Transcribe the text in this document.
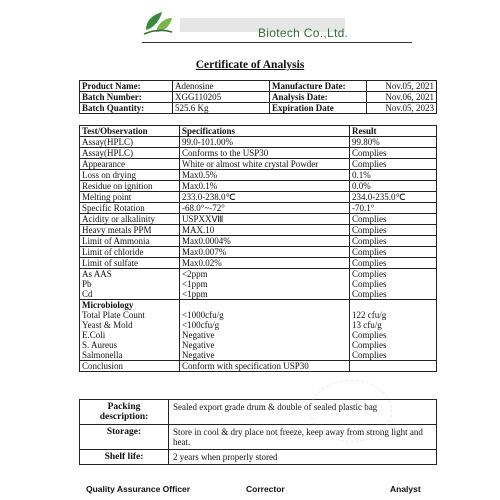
Biotech Co.,Ltd.
Certificate of Analysis
Product Name:	Adenosine	Manufacture Date:	Nov.05, 2021
Batch Number:	XGG110205	Analysis Date:	Nov.06, 2021
Batch Quantity:	525.6 Kg	Expiration Date	Nov.05, 2023
Test/Observation	Specifications	Result
Assay(HPLC)	99.0-101.00%	99.80%
Assay(HPLC)	Conforms to the USP30	Complies
Appearance	White or almost white crystal Powder	Complies
Loss on drying	Max0.5%	0.1%
Residue on ignition	Max0.1%	0.0%
Melting point	233.0-238.0℃	234.0-235.0℃
Specific Rotation	-68.0°~-72°	-70.1°
Acidity or alkalinity	USPXXⅧ	Complies
Heavy metals PPM	MAX.10	Complies
Limit of Ammonia	Max0.0004%	Complies
Limit of chloride	Max0.007%	Complies
Limit of sulfate	Max0.02%	Complies
As AAS	<2ppm	Complies
Pb	<1ppm	Complies
Cd	<1ppm	Complies
Microbiology		
Total Plate Count	<1000cfu/g	122 cfu/g
Yeast & Mold	<100cfu/g	13 cfu/g
E.Coli	Negative	Complies
S. Aureus	Negative	Complies
Salmonella	Negative	Complies
Conclusion	Conform with specification USP30	
Packing description:	Sealed export grade drum & double of sealed plastic bag
Storage:	Store in cool & dry place not freeze, keep away from strong light and heat.
Shelf life:	2 years when properly stored
Quality Assurance Officer	Corrector	Analyst
